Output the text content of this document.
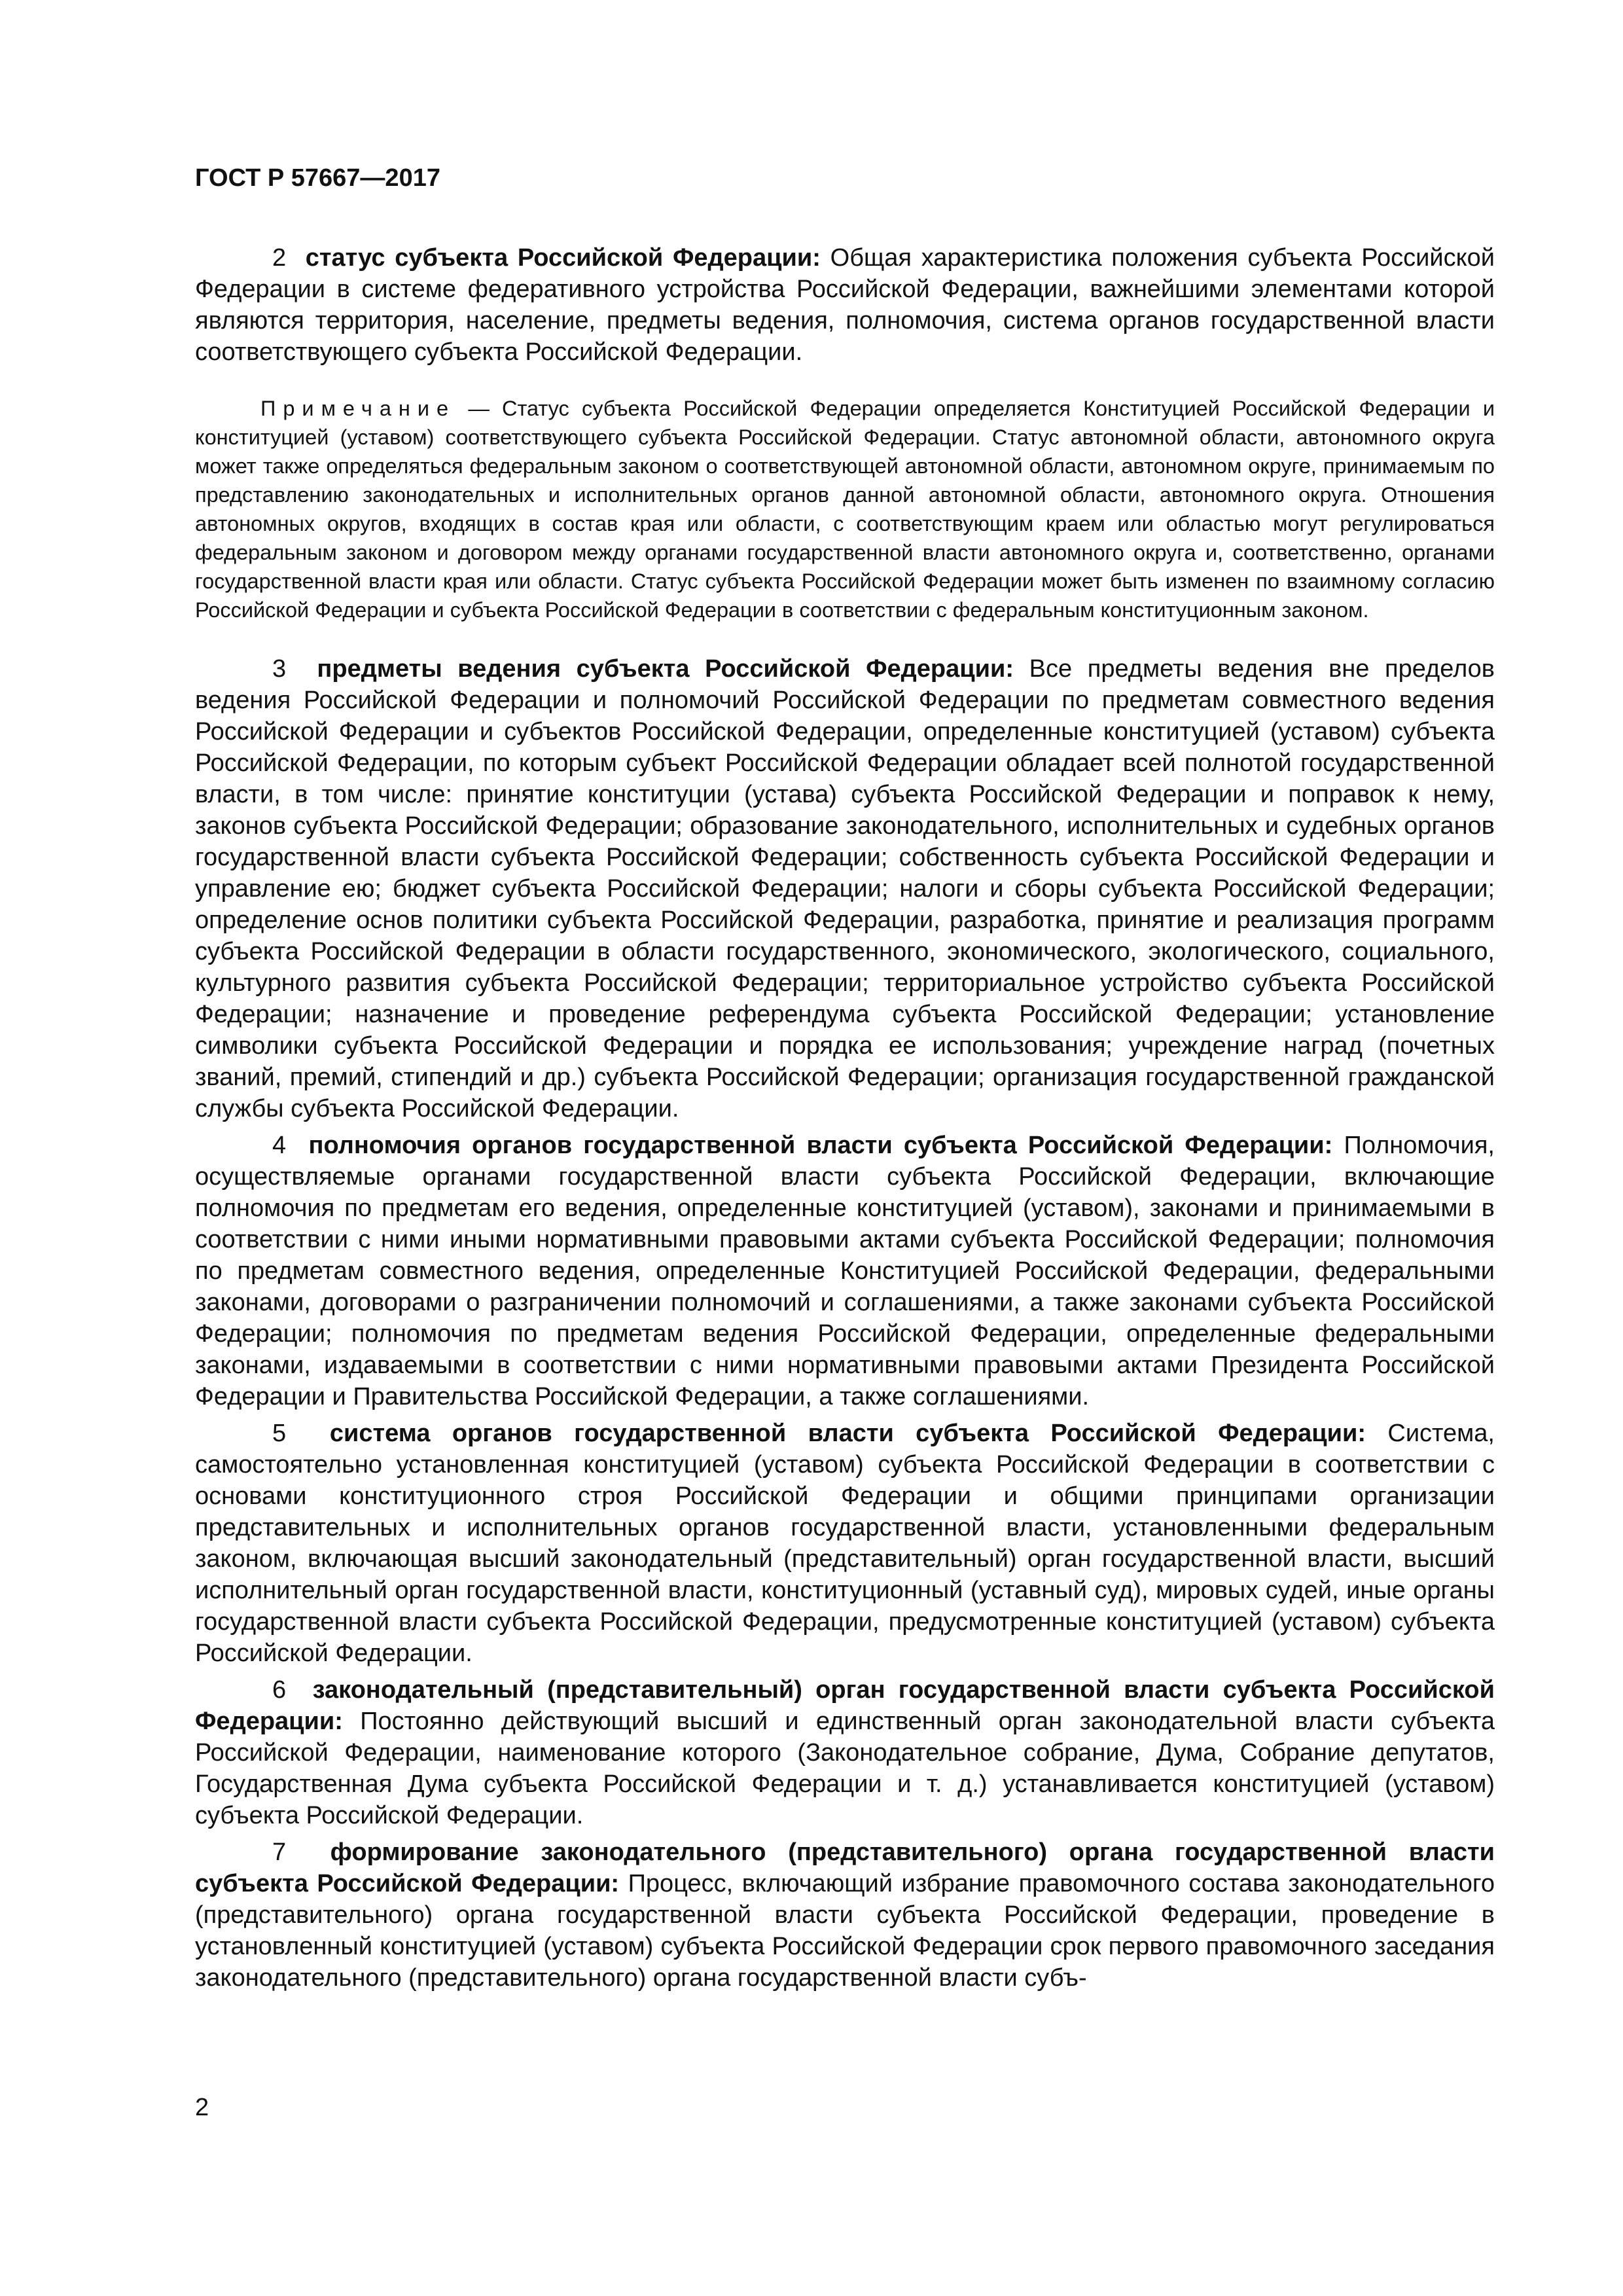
ГОСТ Р 57667—2017

2 статус субъекта Российской Федерации: Общая характеристика положения субъекта Российской Федерации в системе федеративного устройства Российской Федерации, важнейшими элементами которой являются территория, население, предметы ведения, полномочия, система органов государственной власти соответствующего субъекта Российской Федерации.

Примечание — Статус субъекта Российской Федерации определяется Конституцией Российской Федерации и конституцией (уставом) соответствующего субъекта Российской Федерации. Статус автономной области, автономного округа может также определяться федеральным законом о соответствующей автономной области, автономном округе, принимаемым по представлению законодательных и исполнительных органов данной автономной области, автономного округа. Отношения автономных округов, входящих в состав края или области, с соответствующим краем или областью могут регулироваться федеральным законом и договором между органами государственной власти автономного округа и, соответственно, органами государственной власти края или области. Статус субъекта Российской Федерации может быть изменен по взаимному согласию Российской Федерации и субъекта Российской Федерации в соответствии с федеральным конституционным законом.

3 предметы ведения субъекта Российской Федерации: Все предметы ведения вне пределов ведения Российской Федерации и полномочий Российской Федерации по предметам совместного ведения Российской Федерации и субъектов Российской Федерации, определенные конституцией (уставом) субъекта Российской Федерации, по которым субъект Российской Федерации обладает всей полнотой государственной власти, в том числе: принятие конституции (устава) субъекта Российской Федерации и поправок к нему, законов субъекта Российской Федерации; образование законодательного, исполнительных и судебных органов государственной власти субъекта Российской Федерации; собственность субъекта Российской Федерации и управление ею; бюджет субъекта Российской Федерации; налоги и сборы субъекта Российской Федерации; определение основ политики субъекта Российской Федерации, разработка, принятие и реализация программ субъекта Российской Федерации в области государственного, экономического, экологического, социального, культурного развития субъекта Российской Федерации; территориальное устройство субъекта Российской Федерации; назначение и проведение референдума субъекта Российской Федерации; установление символики субъекта Российской Федерации и порядка ее использования; учреждение наград (почетных званий, премий, стипендий и др.) субъекта Российской Федерации; организация государственной гражданской службы субъекта Российской Федерации.

4 полномочия органов государственной власти субъекта Российской Федерации: Полномочия, осуществляемые органами государственной власти субъекта Российской Федерации, включающие полномочия по предметам его ведения, определенные конституцией (уставом), законами и принимаемыми в соответствии с ними иными нормативными правовыми актами субъекта Российской Федерации; полномочия по предметам совместного ведения, определенные Конституцией Российской Федерации, федеральными законами, договорами о разграничении полномочий и соглашениями, а также законами субъекта Российской Федерации; полномочия по предметам ведения Российской Федерации, определенные федеральными законами, издаваемыми в соответствии с ними нормативными правовыми актами Президента Российской Федерации и Правительства Российской Федерации, а также соглашениями.

5 система органов государственной власти субъекта Российской Федерации: Система, самостоятельно установленная конституцией (уставом) субъекта Российской Федерации в соответствии с основами конституционного строя Российской Федерации и общими принципами организации представительных и исполнительных органов государственной власти, установленными федеральным законом, включающая высший законодательный (представительный) орган государственной власти, высший исполнительный орган государственной власти, конституционный (уставный суд), мировых судей, иные органы государственной власти субъекта Российской Федерации, предусмотренные конституцией (уставом) субъекта Российской Федерации.

6 законодательный (представительный) орган государственной власти субъекта Российской Федерации: Постоянно действующий высший и единственный орган законодательной власти субъекта Российской Федерации, наименование которого (Законодательное собрание, Дума, Собрание депутатов, Государственная Дума субъекта Российской Федерации и т. д.) устанавливается конституцией (уставом) субъекта Российской Федерации.

7 формирование законодательного (представительного) органа государственной власти субъекта Российской Федерации: Процесс, включающий избрание правомочного состава законодательного (представительного) органа государственной власти субъекта Российской Федерации, проведение в установленный конституцией (уставом) субъекта Российской Федерации срок первого правомочного заседания законодательного (представительного) органа государственной власти субъ-

2
